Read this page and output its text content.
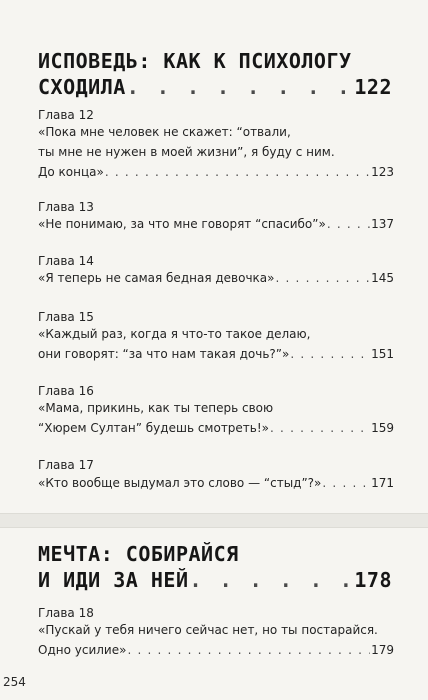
ИСПОВЕДЬ: КАК К ПСИХОЛОГУ
СХОДИЛА . . .	122
Глава 12
«Пока мне человек не скажет: “отвали,
ты мне не нужен в моей жизни”, я буду с ним.
До конца» . . .	123
Глава 13
«Не понимаю, за что мне говорят “спасибо”» . . .	137
Глава 14
«Я теперь не самая бедная девочка» . . .	145
Глава 15
«Каждый раз, когда я что-то такое делаю,
они говорят: “за что нам такая дочь?”» . . .	151
Глава 16
«Мама, прикинь, как ты теперь свою
“Хюрем Султан” будешь смотреть!» . . .	159
Глава 17
«Кто вообще выдумал это слово — “стыд”?» . . .	171
МЕЧТА: СОБИРАЙСЯ
И ИДИ ЗА НЕЙ . . .	178
Глава 18
«Пускай у тебя ничего сейчас нет, но ты постарайся.
Одно усилие» . . .	179
254
